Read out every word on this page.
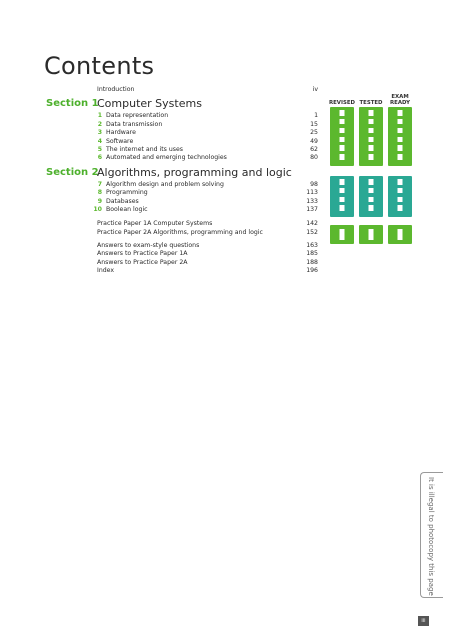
Contents
Introduction	iv
Section 1
Computer Systems
1 Data representation	1
2 Data transmission	15
3 Hardware	25
4 Software	49
5 The internet and its uses	62
6 Automated and emerging technologies	80
Section 2
Algorithms, programming and logic
7 Algorithm design and problem solving	98
8 Programming	113
9 Databases	133
10 Boolean logic	137
Practice Paper 1A Computer Systems	142
Practice Paper 2A Algorithms, programming and logic	152
Answers to exam-style questions	163
Answers to Practice Paper 1A	185
Answers to Practice Paper 2A	188
Index	196
REVISED TESTED
EXAM
READY
It is illegal to photocopy this page
iii
